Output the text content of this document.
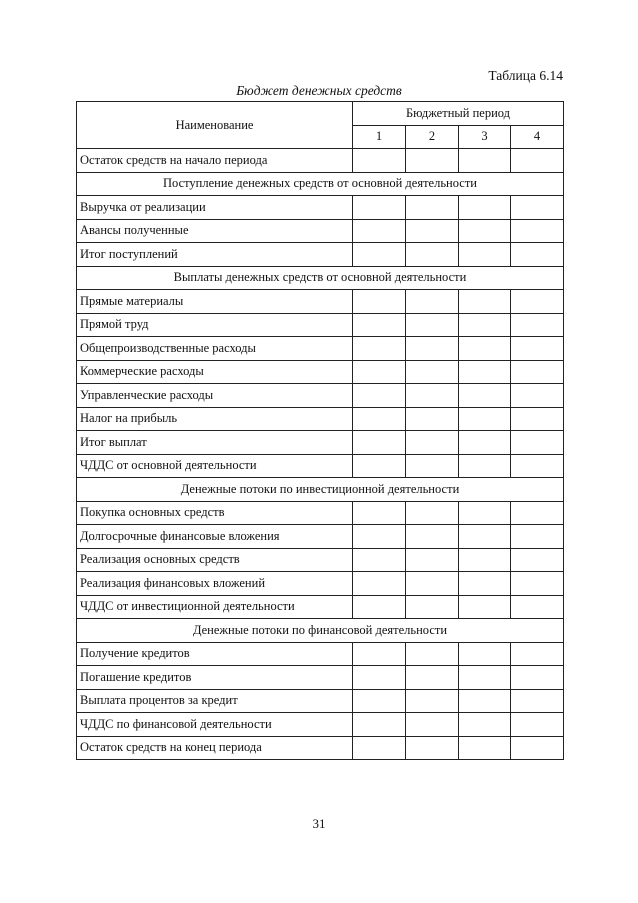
Таблица 6.14
Бюджет денежных средств
Наименование	Бюджетный период			
	1	2	3	4
Остаток средств на начало периода				
Поступление денежных средств от основной деятельности				
Выручка от реализации				
Авансы полученные				
Итог поступлений				
Выплаты денежных средств от основной деятельности				
Прямые материалы				
Прямой труд				
Общепроизводственные расходы				
Коммерческие расходы				
Управленческие расходы				
Налог на прибыль				
Итог выплат				
ЧДДС от основной деятельности				
Денежные потоки по инвестиционной деятельности				
Покупка основных средств				
Долгосрочные финансовые вложения				
Реализация основных средств				
Реализация финансовых вложений				
ЧДДС от инвестиционной деятельности				
Денежные потоки по финансовой деятельности				
Получение кредитов				
Погашение кредитов				
Выплата процентов за кредит				
ЧДДС по финансовой деятельности				
Остаток средств на конец периода				
31
